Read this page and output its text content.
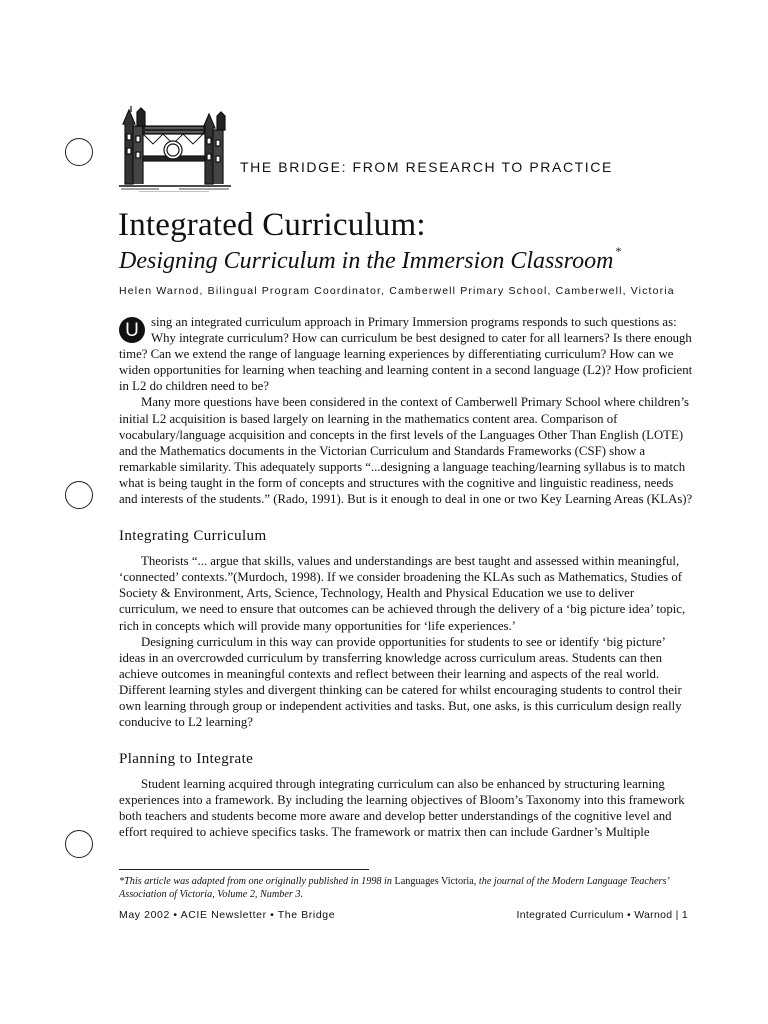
THE BRIDGE: FROM RESEARCH TO PRACTICE
Integrated Curriculum:
Designing Curriculum in the Immersion Classroom *
Helen Warnod, Bilingual Program Coordinator, Camberwell Primary School, Camberwell, Victoria

U sing an integrated curriculum approach in Primary Immersion programs responds to such questions as: Why integrate curriculum? How can curriculum be best designed to cater for all learners? Is there enough time? Can we extend the range of language learning experiences by differentiating curriculum? How can we widen opportunities for learning when teaching and learning content in a second language (L2)? How proficient in L2 do children need to be?

Many more questions have been considered in the context of Camberwell Primary School where children’s initial L2 acquisition is based largely on learning in the mathematics content area. Comparison of vocabulary/language acquisition and concepts in the first levels of the Languages Other Than English (LOTE) and the Mathematics documents in the Victorian Curriculum and Standards Frameworks (CSF) show a remarkable similarity. This adequately supports “...designing a language teaching/learning syllabus is to match what is being taught in the form of concepts and structures with the cognitive and linguistic readiness, needs and interests of the students.” (Rado, 1991). But is it enough to deal in one or two Key Learning Areas (KLAs)?

Integrating Curriculum

Theorists “... argue that skills, values and understandings are best taught and assessed within meaningful, ‘connected’ contexts.”(Murdoch, 1998). If we consider broadening the KLAs such as Mathematics, Studies of Society & Environment, Arts, Science, Technology, Health and Physical Education we use to deliver curriculum, we need to ensure that outcomes can be achieved through the delivery of a ‘big picture idea’ topic, rich in concepts which will provide many opportunities for ‘life experiences.’

Designing curriculum in this way can provide opportunities for students to see or identify ‘big picture’ ideas in an overcrowded curriculum by transferring knowledge across curriculum areas. Students can then achieve outcomes in meaningful contexts and reflect between their learning and aspects of the real world. Different learning styles and divergent thinking can be catered for whilst encouraging students to control their own learning through group or independent activities and tasks. But, one asks, is this curriculum design really conducive to L2 learning?

Planning to Integrate

Student learning acquired through integrating curriculum can also be enhanced by structuring learning experiences into a framework. By including the learning objectives of Bloom’s Taxonomy into this framework both teachers and students become more aware and develop better understandings of the cognitive level and effort required to achieve specifics tasks. The framework or matrix then can include Gardner’s Multiple

*This article was adapted from one originally published in 1998 in Languages Victoria, the journal of the Modern Language Teachers’ Association of Victoria, Volume 2, Number 3.
May 2002 • ACIE Newsletter • The Bridge	Integrated Curriculum • Warnod | 1
